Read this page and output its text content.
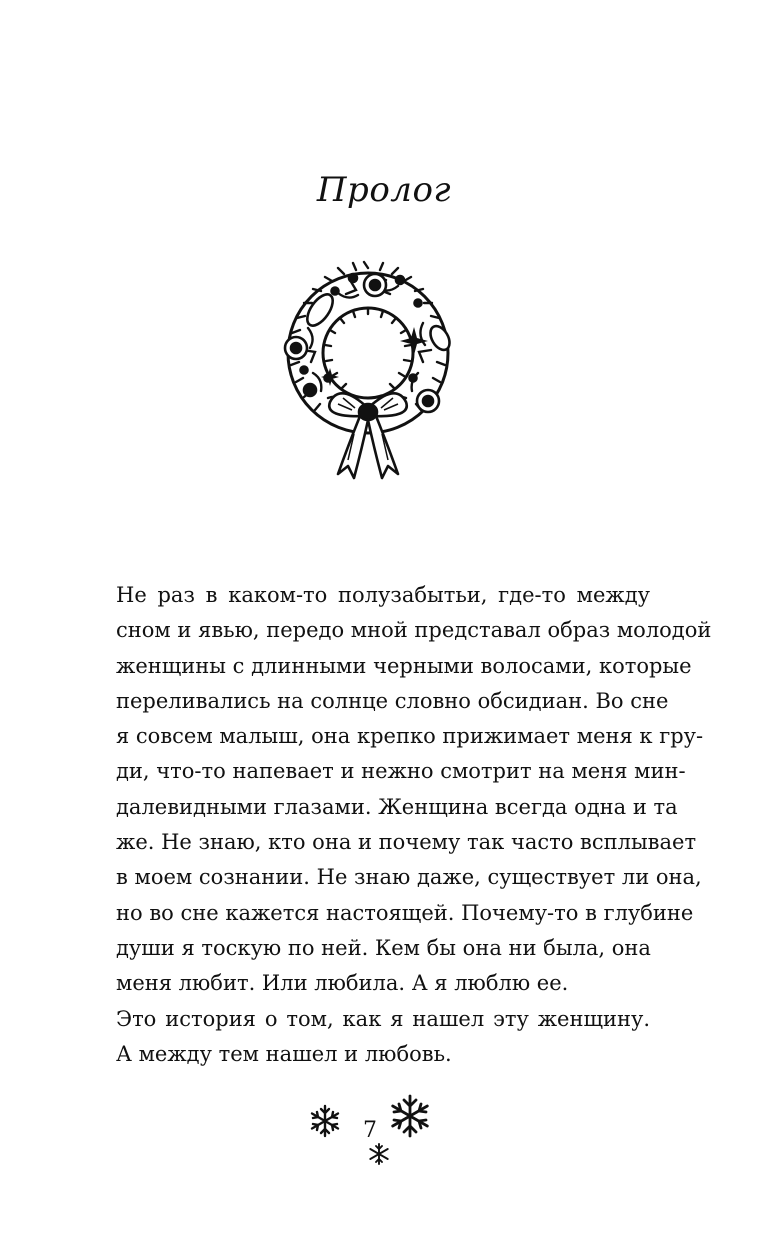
Пролог

Не раз в каком-то полузабытьи, где-то между
сном и явью, передо мной представал образ молодой
женщины с длинными черными волосами, которые
переливались на солнце словно обсидиан. Во сне
я совсем малыш, она крепко прижимает меня к гру-
ди, что-то напевает и нежно смотрит на меня мин-
далевидными глазами. Женщина всегда одна и та
же. Не знаю, кто она и почему так часто всплывает
в моем сознании. Не знаю даже, существует ли она,
но во сне кажется настоящей. Почему-то в глубине
души я тоскую по ней. Кем бы она ни была, она
меня любит. Или любила. А я люблю ее.

Это история о том, как я нашел эту женщину.
А между тем нашел и любовь.

7
